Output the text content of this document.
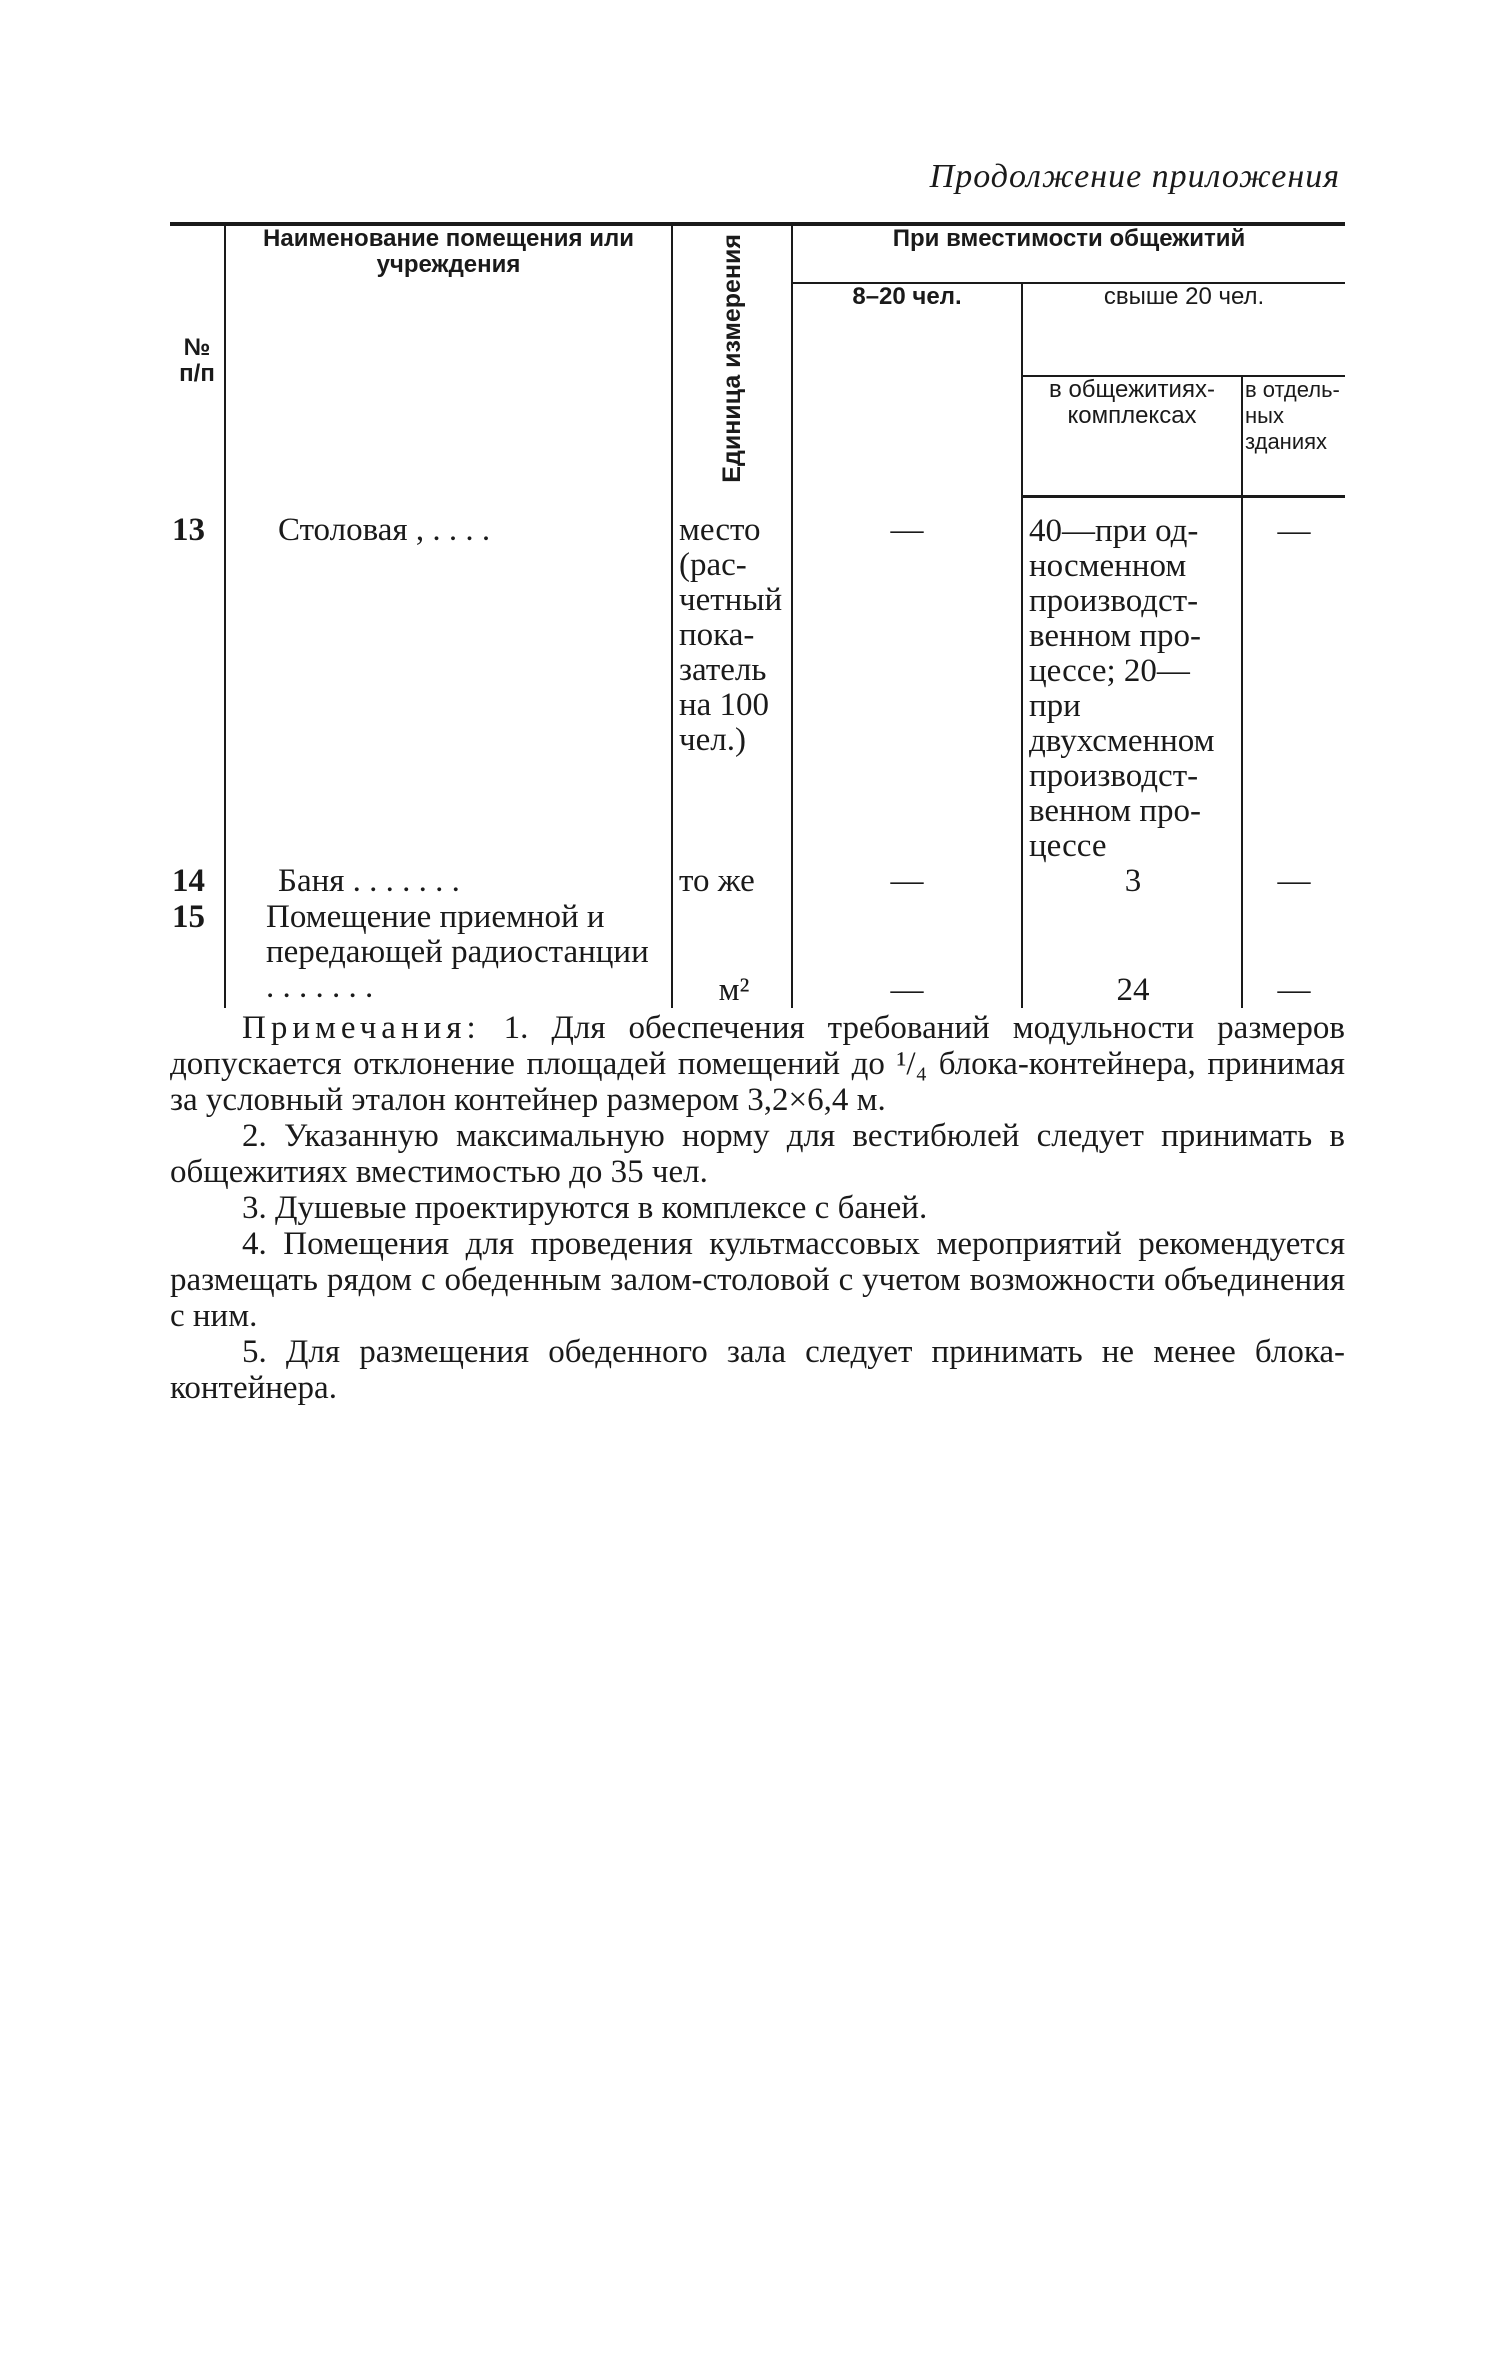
Продолжение приложения
№ п/п	Наименование помещения или учреждения	Единица измерения	При вместимости общежитий		
			8–20 чел.	свыше 20 чел.	
				в общежитиях-комплексах	в отдельных зданиях
13	Столовая , . . . .	место (расчетный показатель на 100 чел.)	—	40—при односменном производственном процессе; 20— при двухсменном производственном процессе	—
14	Баня . . . . . . .	то же	—	3	—
15	Помещение приемной и передающей радиостанции . . . . . . .	м²	—	24	—

Примечания: 1. Для обеспечения требований модульности размеров допускается отклонение площадей помещений до ¹/₄ блока-контейнера, принимая за условный эталон контейнер размером 3,2×6,4 м.

2. Указанную максимальную норму для вестибюлей следует принимать в общежитиях вместимостью до 35 чел.

3. Душевые проектируются в комплексе с баней.

4. Помещения для проведения культмассовых мероприятий рекомендуется размещать рядом с обеденным залом-столовой с учетом возможности объединения с ним.

5. Для размещения обеденного зала следует принимать не менее блока-контейнера.
